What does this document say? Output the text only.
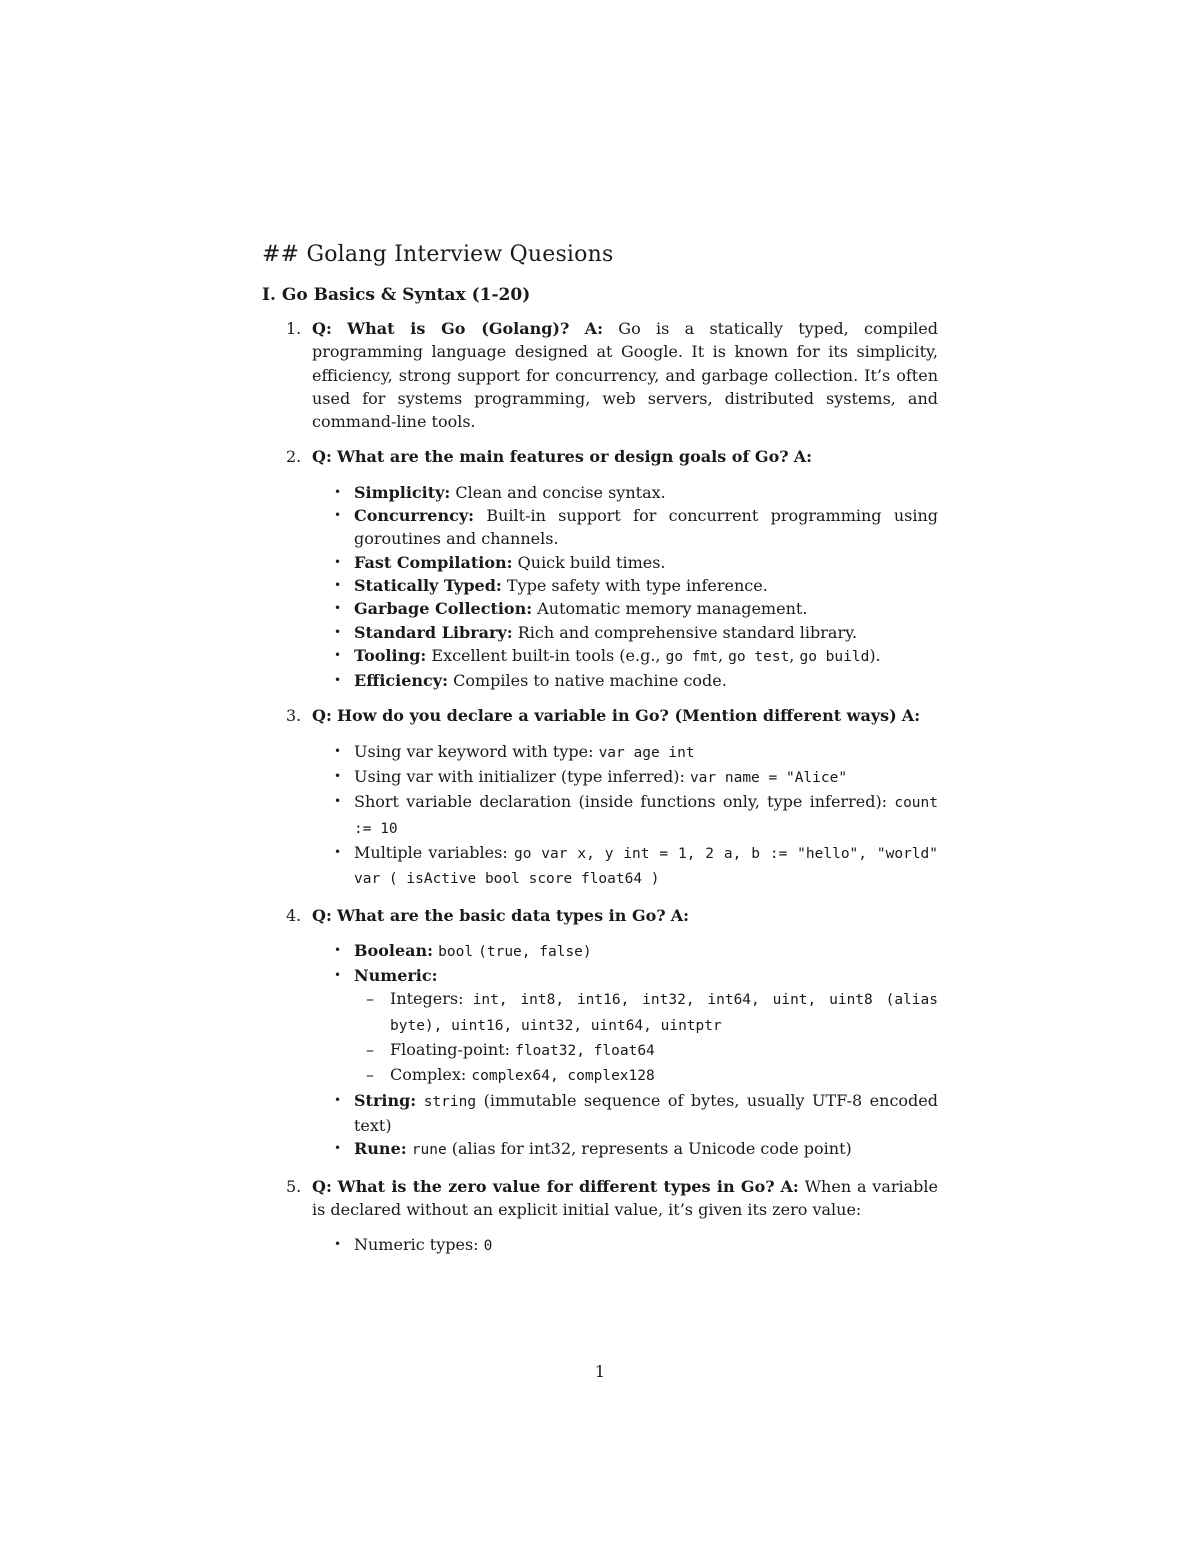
## Golang Interview Quesions
I. Go Basics & Syntax (1-20)
1. Q: What is Go (Golang)? A: Go is a statically typed, compiled programming language designed at Google. It is known for its simplicity, efficiency, strong support for concurrency, and garbage collection. It’s often used for systems programming, web servers, distributed systems, and command-line tools.

2. Q: What are the main features or design goals of Go? A:

• Simplicity: Clean and concise syntax.
• Concurrency: Built-in support for concurrent programming using goroutines and channels.
• Fast Compilation: Quick build times.
• Statically Typed: Type safety with type inference.
• Garbage Collection: Automatic memory management.
• Standard Library: Rich and comprehensive standard library.
• Tooling: Excellent built-in tools (e.g., go fmt, go test, go build).
• Efficiency: Compiles to native machine code.
3. Q: How do you declare a variable in Go? (Mention different ways) A:

• Using var keyword with type: var age int
• Using var with initializer (type inferred): var name = "Alice"
• Short variable declaration (inside functions only, type inferred): count := 10
• Multiple variables: go var x, y int = 1, 2 a, b := "hello", "world" var ( isActive bool score float64 )
4. Q: What are the basic data types in Go? A:

• Boolean: bool (true, false)
• Numeric:
– Integers: int, int8, int16, int32, int64, uint, uint8 (alias byte), uint16, uint32, uint64, uintptr
– Floating-point: float32, float64
– Complex: complex64, complex128
• String: string (immutable sequence of bytes, usually UTF-8 encoded text)
• Rune: rune (alias for int32, represents a Unicode code point)
5. Q: What is the zero value for different types in Go? A: When a variable is declared without an explicit initial value, it’s given its zero value:

• Numeric types: 0
1
